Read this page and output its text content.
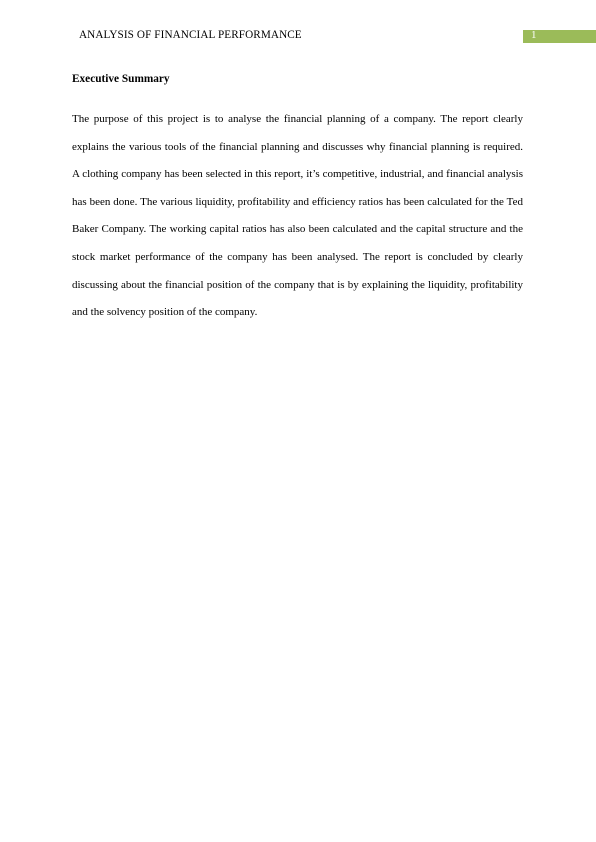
ANALYSIS OF FINANCIAL PERFORMANCE	1
Executive Summary

The purpose of this project is to analyse the financial planning of a company. The report clearly explains the various tools of the financial planning and discusses why financial planning is required. A clothing company has been selected in this report, it’s competitive, industrial, and financial analysis has been done. The various liquidity, profitability and efficiency ratios has been calculated for the Ted Baker Company. The working capital ratios has also been calculated and the capital structure and the stock market performance of the company has been analysed. The report is concluded by clearly discussing about the financial position of the company that is by explaining the liquidity, profitability and the solvency position of the company.
